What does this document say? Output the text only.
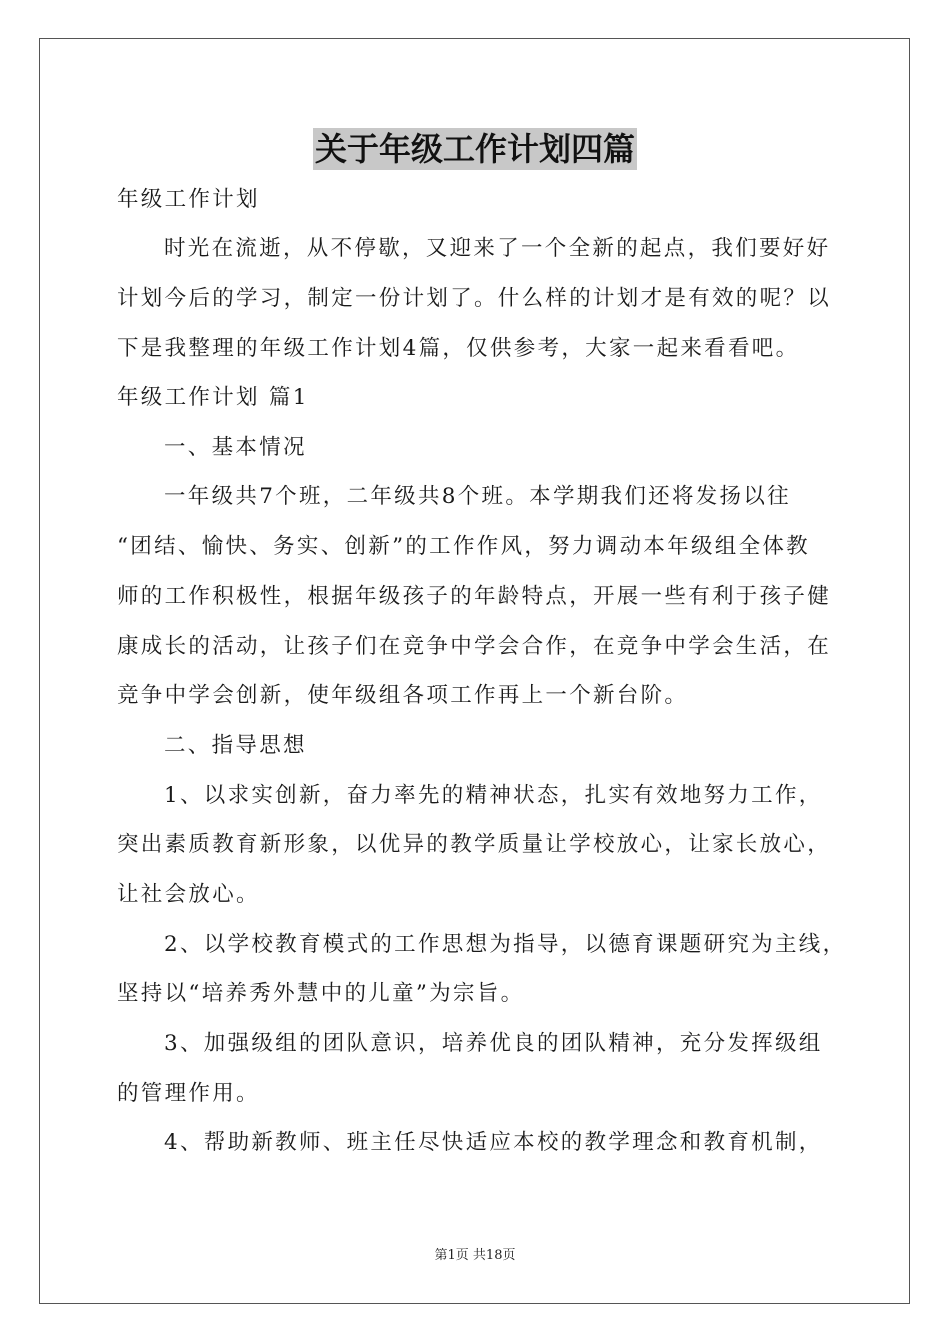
关于年级工作计划四篇
年级工作计划
时光在流逝，从不停歇，又迎来了一个全新的起点，我们要好好
计划今后的学习，制定一份计划了。什么样的计划才是有效的呢？以
下是我整理的年级工作计划4篇，仅供参考，大家一起来看看吧。
年级工作计划 篇1
一、基本情况
一年级共7个班，二年级共8个班。本学期我们还将发扬以往
“团结、愉快、务实、创新”的工作作风，努力调动本年级组全体教
师的工作积极性，根据年级孩子的年龄特点，开展一些有利于孩子健
康成长的活动，让孩子们在竞争中学会合作，在竞争中学会生活，在
竞争中学会创新，使年级组各项工作再上一个新台阶。
二、指导思想
1、以求实创新，奋力率先的精神状态，扎实有效地努力工作，
突出素质教育新形象，以优异的教学质量让学校放心，让家长放心，
让社会放心。
2、以学校教育模式的工作思想为指导，以德育课题研究为主线，
坚持以“培养秀外慧中的儿童”为宗旨。
3、加强级组的团队意识，培养优良的团队精神，充分发挥级组
的管理作用。
4、帮助新教师、班主任尽快适应本校的教学理念和教育机制，
第1页 共18页
